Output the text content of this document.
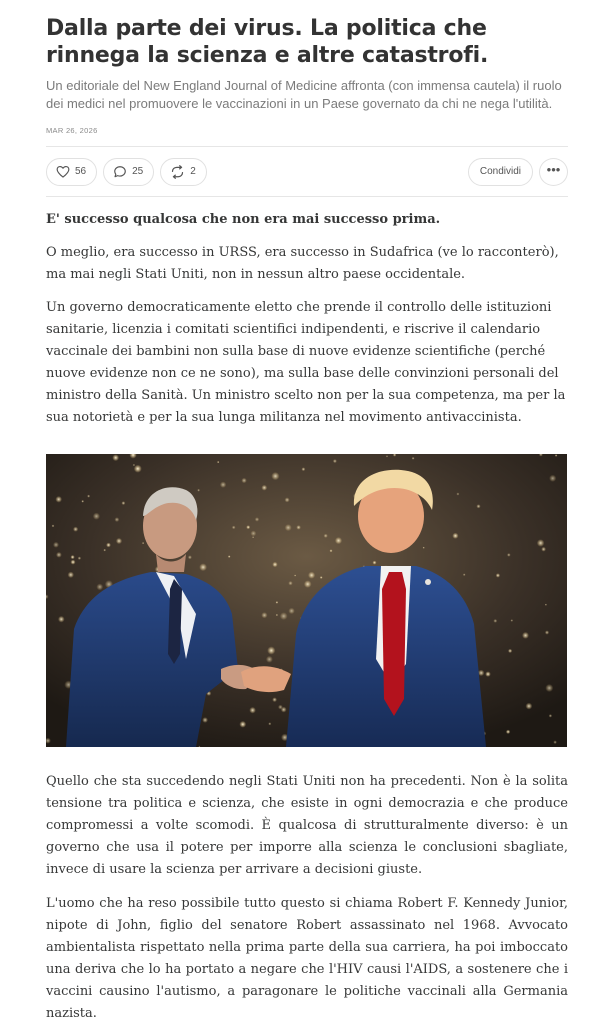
Dalla parte dei virus. La politica che rinnega la scienza e altre catastrofi.

Un editoriale del New England Journal of Medicine affronta (con immensa cautela) il ruolo dei medici nel promuovere le vaccinazioni in un Paese governato da chi ne nega l'utilità.

MAR 26, 2026
56	25	2	Condividi	•••

E' successo qualcosa che non era mai successo prima.

O meglio, era successo in URSS, era successo in Sudafrica (ve lo racconterò), ma mai negli Stati Uniti, non in nessun altro paese occidentale.

Un governo democraticamente eletto che prende il controllo delle istituzioni sanitarie, licenzia i comitati scientifici indipendenti, e riscrive il calendario vaccinale dei bambini non sulla base di nuove evidenze scientifiche (perché nuove evidenze non ce ne sono), ma sulla base delle convinzioni personali del ministro della Sanità. Un ministro scelto non per la sua competenza, ma per la sua notorietà e per la sua lunga militanza nel movimento antivaccinista.

Quello che sta succedendo negli Stati Uniti non ha precedenti. Non è la solita tensione tra politica e scienza, che esiste in ogni democrazia e che produce compromessi a volte scomodi. È qualcosa di strutturalmente diverso: è un governo che usa il potere per imporre alla scienza le conclusioni sbagliate, invece di usare la scienza per arrivare a decisioni giuste.

L'uomo che ha reso possibile tutto questo si chiama Robert F. Kennedy Junior, nipote di John, figlio del senatore Robert assassinato nel 1968. Avvocato ambientalista rispettato nella prima parte della sua carriera, ha poi imboccato una deriva che lo ha portato a negare che l'HIV causi l'AIDS, a sostenere che i vaccini causino l'autismo, a paragonare le politiche vaccinali alla Germania nazista.
